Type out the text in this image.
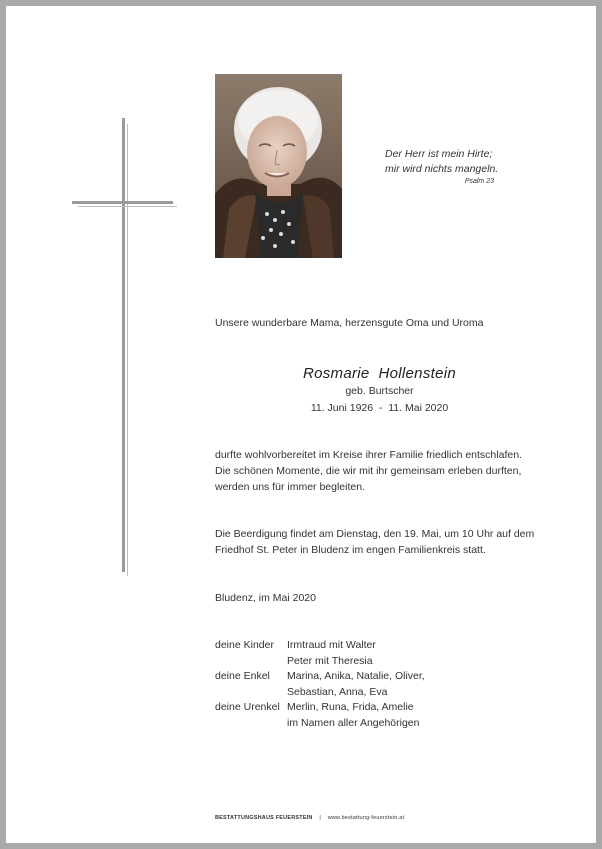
Der Herr ist mein Hirte;
mir wird nichts mangeln.
Psalm 23
Unsere wunderbare Mama, herzensgute Oma und Uroma
Rosmarie  Hollenstein
geb. Burtscher
11. Juni 1926  -  11. Mai 2020
durfte wohlvorbereitet im Kreise ihrer Familie friedlich entschlafen.
Die schönen Momente, die wir mit ihr gemeinsam erleben durften,
werden uns für immer begleiten.
Die Beerdigung findet am Dienstag, den 19. Mai, um 10 Uhr auf dem
Friedhof St. Peter in Bludenz im engen Familienkreis statt.
Bludenz, im Mai 2020
deine Kinder	Irmtraud mit Walter
Peter mit Theresia
deine Enkel	Marina, Anika, Natalie, Oliver,
Sebastian, Anna, Eva
deine Urenkel Merlin, Runa, Frida, Amelie
im Namen aller Angehörigen
BESTATTUNGSHAUS FEUERSTEIN | www.bestattung-feuerstein.at
